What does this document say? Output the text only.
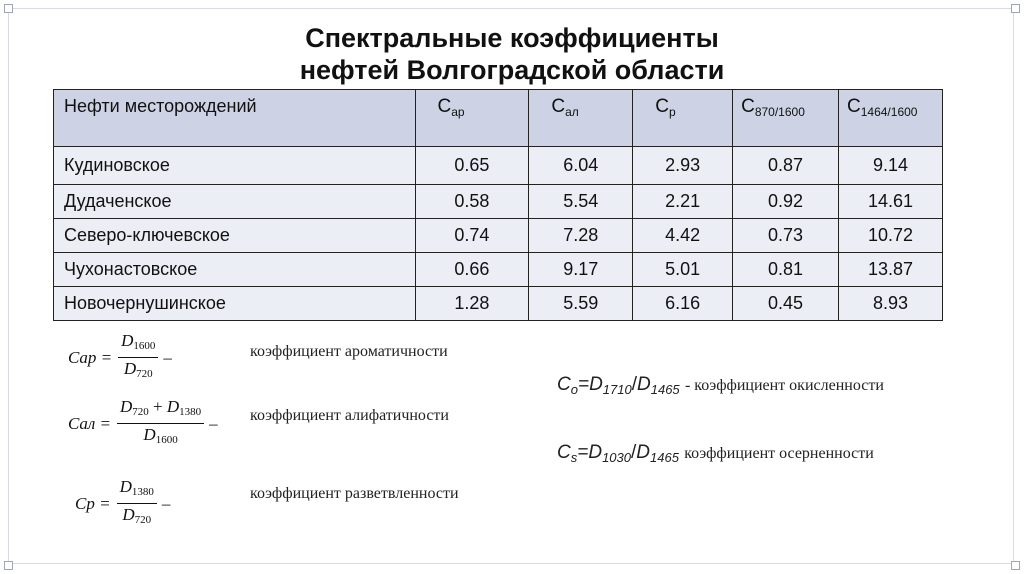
Спектральные коэффициенты
нефтей Волгоградской области
Нефти месторождений	$C_{ар}$	$C_{ал}$	$C_р$	$C_{870/1600}$	$C_{1464/1600}$
Кудиновское	0.65	6.04	2.93	0.87	9.14
Дудаченское	0.58	5.54	2.21	0.92	14.61
Северо-ключевское	0.74	7.28	4.42	0.73	10.72
Чухонастовское	0.66	9.17	5.01	0.81	13.87
Новочернушинское	1.28	5.59	6.16	0.45	8.93
Cap = $\frac{D_{1600}}{D_{720}}$ –	коэффициент ароматичности
Cал = $\frac{D_{720} + D_{1380}}{D_{1600}}$ – коэффициент алифатичности
$Cp = \frac{D_{1380}}{D_{720}}$ –	коэффициент разветвленности
$C_o=D_{1710}/D_{1465}$ - коэффициент окисленности
$C_s=D_{1030}/D_{1465}$ коэффициент осерненности
